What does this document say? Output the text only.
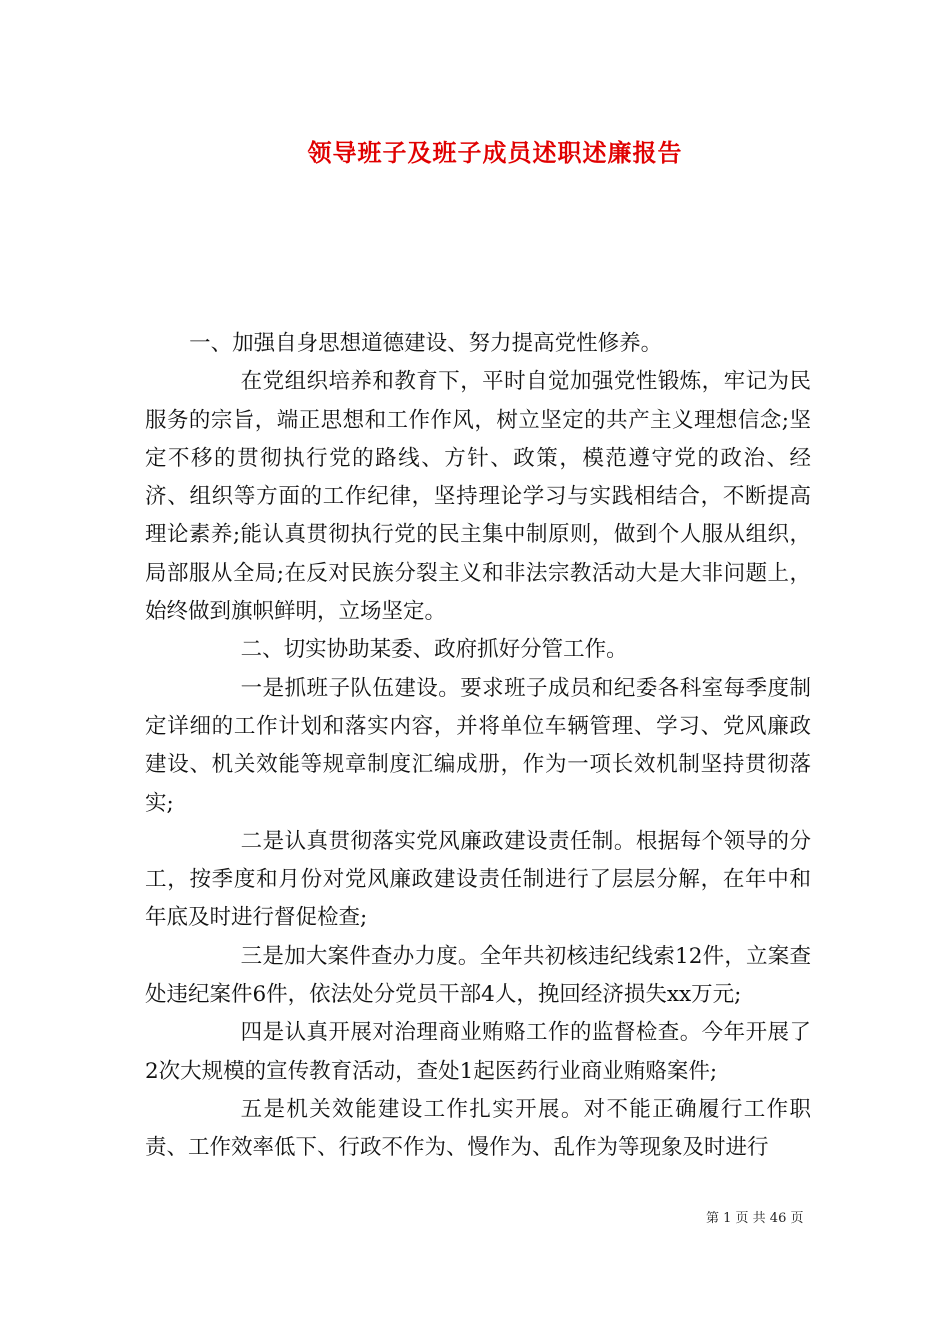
领导班子及班子成员述职述廉报告

一、加强自身思想道德建设、努力提高党性修养。

在党组织培养和教育下，平时自觉加强党性锻炼，牢记为民服务的宗旨，端正思想和工作作风，树立坚定的共产主义理想信念;坚定不移的贯彻执行党的路线、方针、政策，模范遵守党的政治、经济、组织等方面的工作纪律，坚持理论学习与实践相结合，不断提高理论素养;能认真贯彻执行党的民主集中制原则，做到个人服从组织，局部服从全局;在反对民族分裂主义和非法宗教活动大是大非问题上，始终做到旗帜鲜明，立场坚定。

二、切实协助某委、政府抓好分管工作。

一是抓班子队伍建设。要求班子成员和纪委各科室每季度制定详细的工作计划和落实内容，并将单位车辆管理、学习、党风廉政建设、机关效能等规章制度汇编成册，作为一项长效机制坚持贯彻落实;

二是认真贯彻落实党风廉政建设责任制。根据每个领导的分工，按季度和月份对党风廉政建设责任制进行了层层分解，在年中和年底及时进行督促检查;

三是加大案件查办力度。全年共初核违纪线索12件，立案查处违纪案件6件，依法处分党员干部4人，挽回经济损失xx万元;

四是认真开展对治理商业贿赂工作的监督检查。今年开展了2次大规模的宣传教育活动，查处1起医药行业商业贿赂案件;

五是机关效能建设工作扎实开展。对不能正确履行工作职责、工作效率低下、行政不作为、慢作为、乱作为等现象及时进行

第 1 页 共 46 页
